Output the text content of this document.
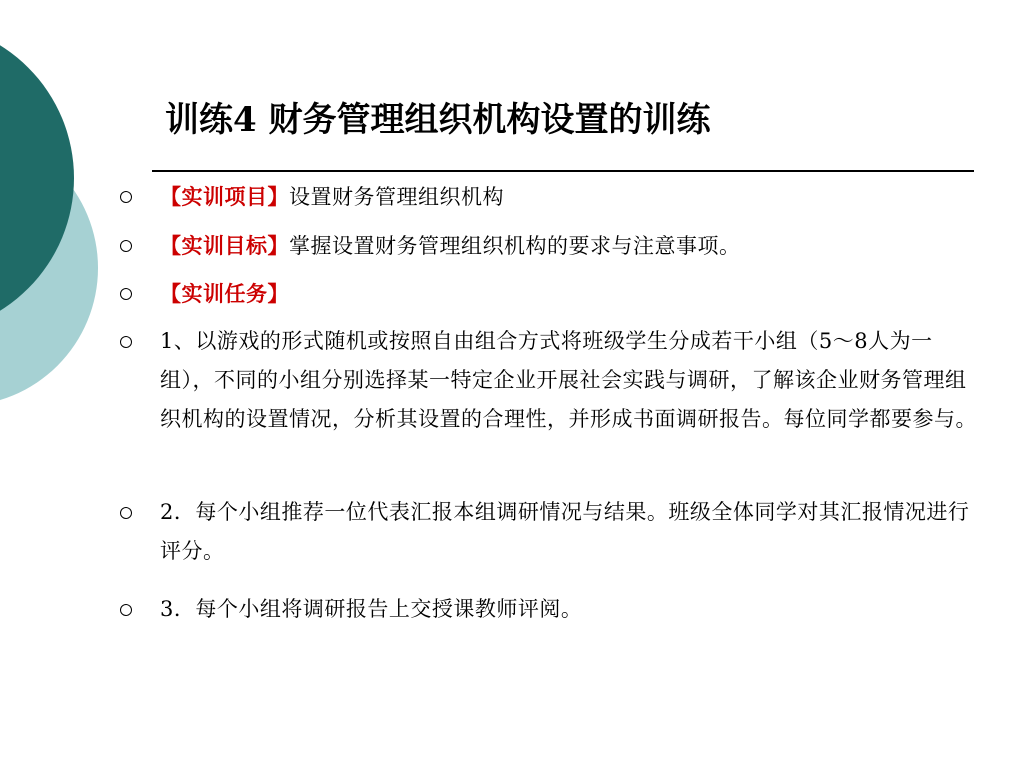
训练4 财务管理组织机构设置的训练
【实训项目】设置财务管理组织机构
【实训目标】掌握设置财务管理组织机构的要求与注意事项。
【实训任务】
1、以游戏的形式随机或按照自由组合方式将班级学生分成若干小组（5～8人为一组），不同的小组分别选择某一特定企业开展社会实践与调研，了解该企业财务管理组织机构的设置情况，分析其设置的合理性，并形成书面调研报告。每位同学都要参与。
2．每个小组推荐一位代表汇报本组调研情况与结果。班级全体同学对其汇报情况进行评分。
3．每个小组将调研报告上交授课教师评阅。
